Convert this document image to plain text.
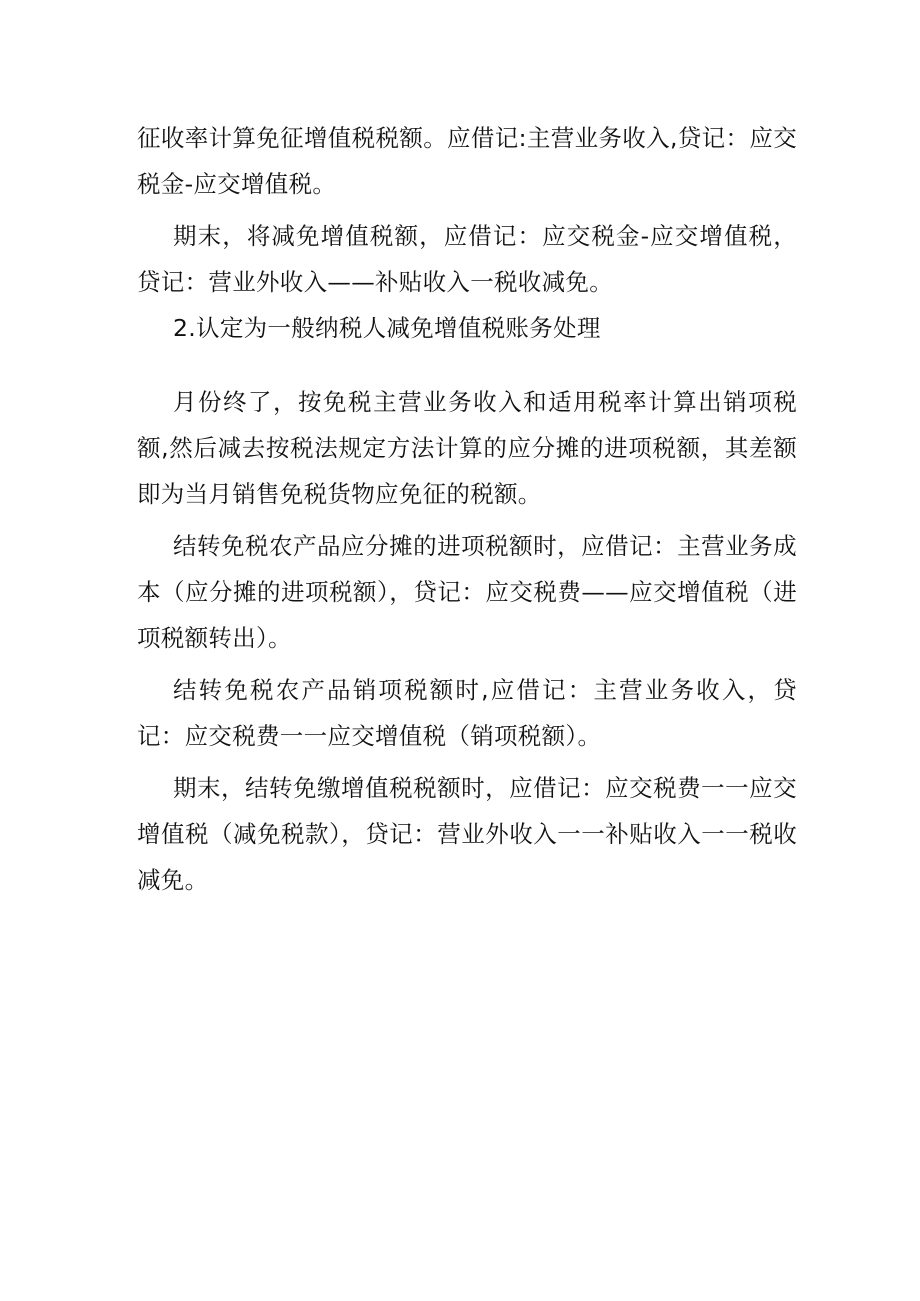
征收率计算免征增值税税额。应借记:主营业务收入,贷记：应交税金-应交增值税。

期末，将减免增值税额，应借记：应交税金-应交增值税，贷记：营业外收入——补贴收入一税收减免。

2.认定为一般纳税人减免增值税账务处理

月份终了，按免税主营业务收入和适用税率计算出销项税额,然后减去按税法规定方法计算的应分摊的进项税额，其差额即为当月销售免税货物应免征的税额。

结转免税农产品应分摊的进项税额时，应借记：主营业务成本（应分摊的进项税额），贷记：应交税费——应交增值税（进项税额转出）。

结转免税农产品销项税额时,应借记：主营业务收入，贷记：应交税费一一应交增值税（销项税额）。

期末，结转免缴增值税税额时，应借记：应交税费一一应交增值税（减免税款），贷记：营业外收入一一补贴收入一一税收减免。
